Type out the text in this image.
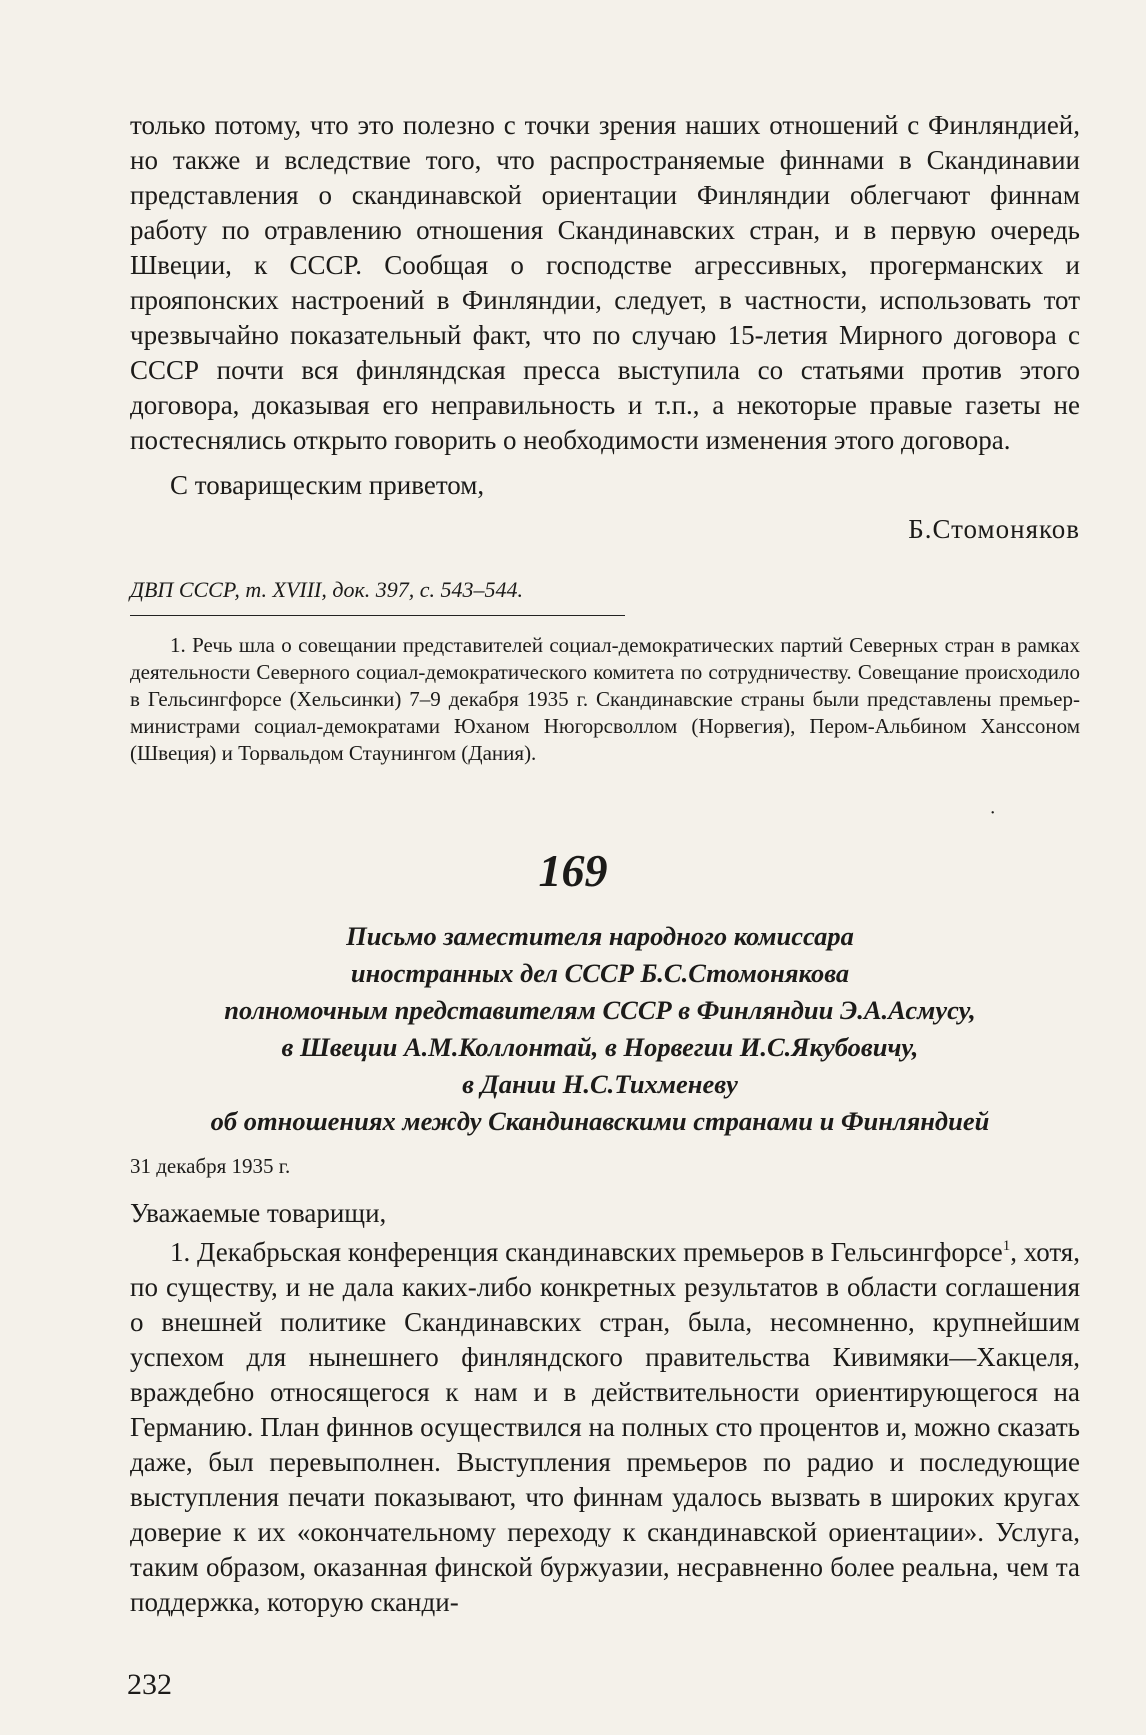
только потому, что это полезно с точки зрения наших отношений с Финляндией, но также и вследствие того, что распространяемые финнами в Скандинавии представления о скандинавской ориентации Финляндии облегчают финнам работу по отравлению отношения Скандинавских стран, и в первую очередь Швеции, к СССР. Сообщая о господстве агрессивных, прогерманских и прояпонских настроений в Финляндии, следует, в частности, использовать тот чрезвычайно показательный факт, что по случаю 15-летия Мирного договора с СССР почти вся финляндская пресса выступила со статьями против этого договора, доказывая его неправильность и т.п., а некоторые правые газеты не постеснялись открыто говорить о необходимости изменения этого договора.

С товарищеским приветом,

Б.Стомоняков

ДВП СССР, т. XVIII, док. 397, с. 543–544.

1. Речь шла о совещании представителей социал-демократических партий Северных стран в рамках деятельности Северного социал-демократического комитета по сотрудничеству. Совещание происходило в Гельсингфорсе (Хельсинки) 7–9 декабря 1935 г. Скандинавские страны были представлены премьер-министрами социал-демократами Юханом Нюгорсволлом (Норвегия), Пером-Альбином Ханссоном (Швеция) и Торвальдом Стаунингом (Дания).

·
169
Письмо заместителя народного комиссара
иностранных дел СССР Б.С.Стомонякова
полномочным представителям СССР в Финляндии Э.А.Асмусу,
в Швеции А.М.Коллонтай, в Норвегии И.С.Якубовичу,
в Дании Н.С.Тихменеву
об отношениях между Скандинавскими странами и Финляндией

31 декабря 1935 г.

Уважаемые товарищи,

1. Декабрьская конференция скандинавских премьеров в Гельсингфорсе$^1$, хотя, по существу, и не дала каких-либо конкретных результатов в области соглашения о внешней политике Скандинавских стран, была, несомненно, крупнейшим успехом для нынешнего финляндского правительства Кивимяки—Хакцеля, враждебно относящегося к нам и в действительности ориентирующегося на Германию. План финнов осуществился на полных сто процентов и, можно сказать даже, был перевыполнен. Выступления премьеров по радио и последующие выступления печати показывают, что финнам удалось вызвать в широких кругах доверие к их «окончательному переходу к скандинавской ориентации». Услуга, таким образом, оказанная финской буржуазии, несравненно более реальна, чем та поддержка, которую сканди-

232
